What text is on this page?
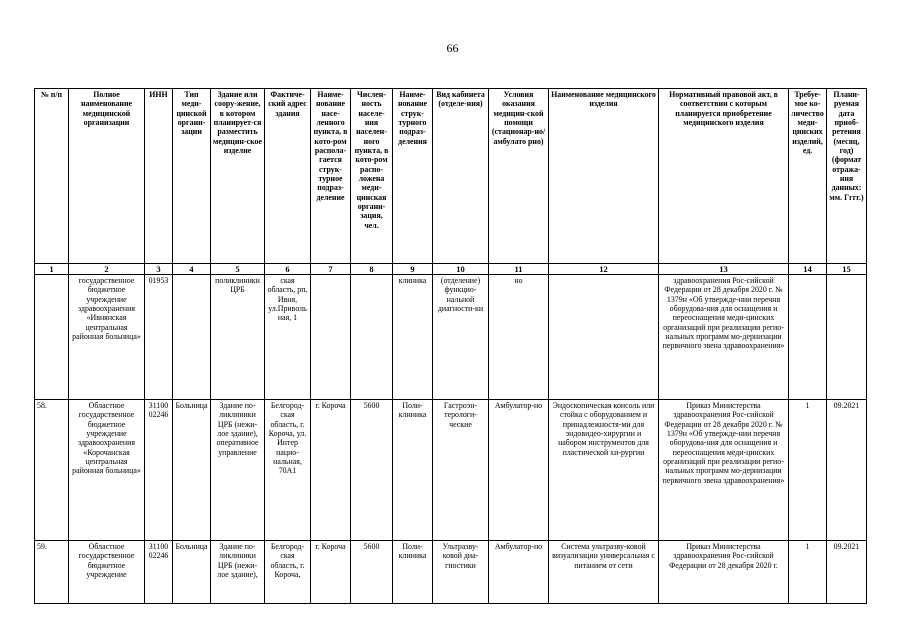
66
№ п/п	Полное наименование медицинской организации	ИНН	Тип меди-цинской органи-зации	Здание или соору-жение, в котором планирует-ся разместить медицин-ское изделие	Фактиче-ский адрес здания	Наиме-нование насе-ленного пункта, в кото-ром распола-гается струк-турное подраз-деление	Числен-ность населе-ния населен-ного пункта, в кото-ром распо-ложена меди-цинская органи-зация, чел.	Наиме-нование струк-турного подраз-деления	Вид кабинета (отделе-ния)	Условия оказания медицин-ской помощи (стационар-но/амбулато рно)	Наименование медицинского изделия	Нормативный правовой акт, в соответствии с которым планируется приобретение медицинского изделия	Требуе-мое ко-личество меди-цинских изделий, ед.	Плани-руемая дата приоб-ретения (месяц, год) (формат отража-ния данных: мм. Гггг.)
1	2	3	4	5	6	7	8	9	10	11	12	13	14	15
	государственное бюджетное учреждение здравоохранения «Ивнянская центральная районная больница»	01953		поликлиники ЦРБ	ская область, рп. Ивня, ул.Привольная, 1			клиника	(отделение) функцио-нальной диагности-ки	но		здравоохранения Рос-сийской Федерации от 28 декабря 2020 г. № 1379н «Об утвержде-нии перечня оборудова-ния для оснащения и переоснащения меди-цинских организаций при реализации регио-нальных программ мо-дернизации первичного звена здравоохранения»		
58.	Областное государственное бюджетное учреждение здравоохранения «Корочанская центральная районная больница»	31100 02246	Больница	Здание по-ликлиники ЦРБ (нежи-лое здание), оперативное управление	Белгород-ская область, г. Короча, ул. Интер нацио-нальная, 70А1	г. Короча	5600	Поли-клиника	Гастроэн-терологи-ческие	Амбулатор-но	Эндоскопическая консоль или стойка с оборудованием и принадлежностя-ми для эндовидео-хирургии и набором инструментов для пластической хи-рургии	Приказ Министерства здравоохранения Рос-сийской Федерации от 28 декабря 2020 г. № 1379н «Об утвержде-нии перечня оборудова-ния для оснащения и переоснащения меди-цинских организаций при реализации регио-нальных программ мо-дернизации первичного звена здравоохранения»	1	09.2021
59.	Областное государственное бюджетное учреждение	31100 02246	Больница	Здание по-ликлиники ЦРБ (нежи-лое здание),	Белгород-ская область, г. Короча,	г. Короча	5600	Поли-клиника	Ультразву-ковой диа-гностики	Амбулатор-но	Система ультразву-ковой визуализации универсальная с питанием от сети	Приказ Министерства здравоохранения Рос-сийской Федерации от 28 декабря 2020 г.	1	09.2021
